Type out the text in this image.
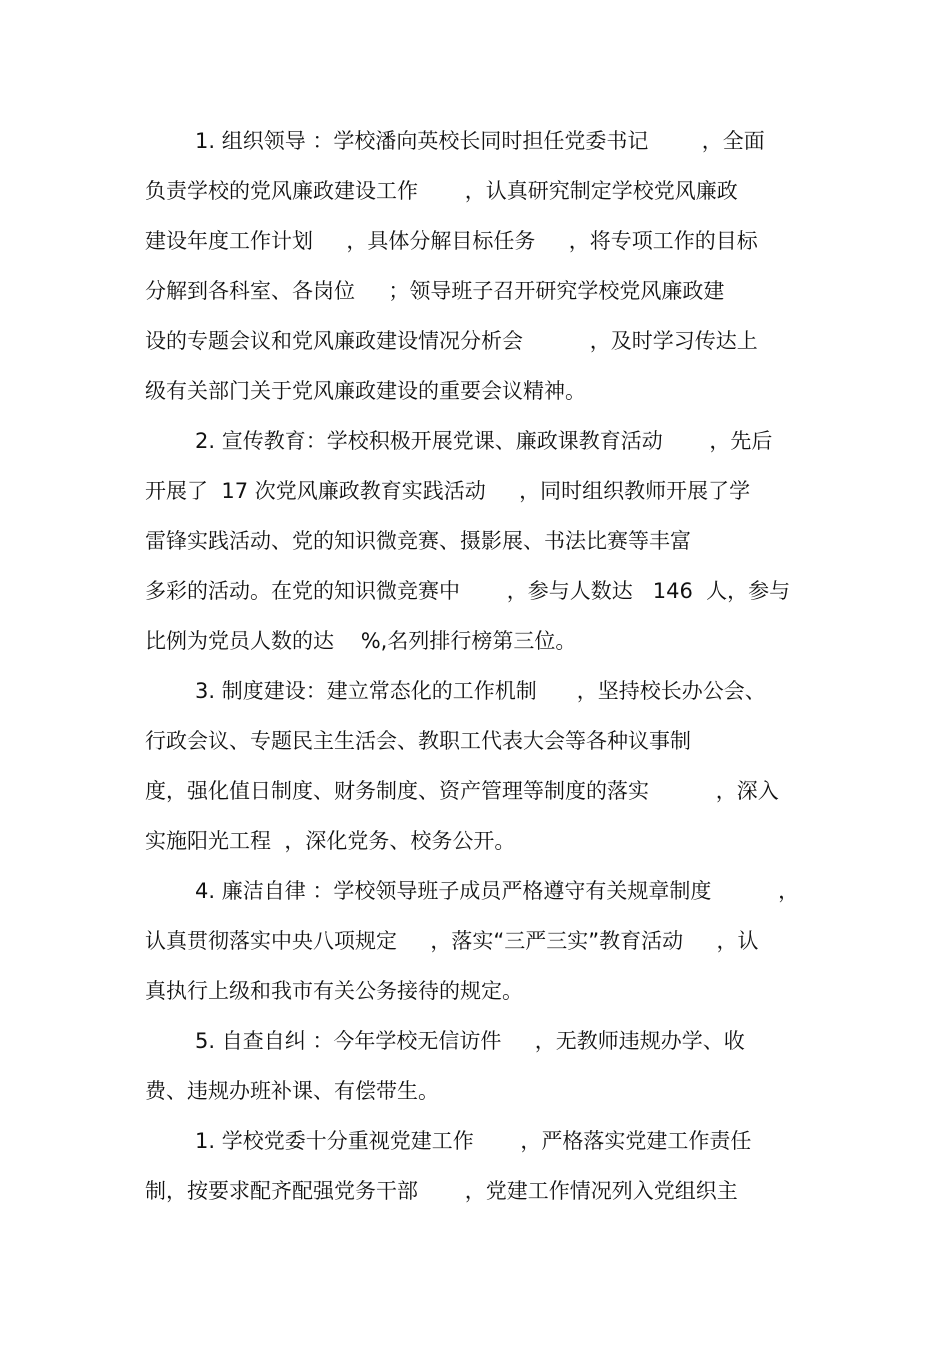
1. 组织领导 ：学校潘向英校长同时担任党委书记        ，全面
负责学校的党风廉政建设工作       ，认真研究制定学校党风廉政
建设年度工作计划     ，具体分解目标任务     ，将专项工作的目标
分解到各科室、各岗位     ；领导班子召开研究学校党风廉政建
设的专题会议和党风廉政建设情况分析会          ，及时学习传达上
级有关部门关于党风廉政建设的重要会议精神。
2. 宣传教育：学校积极开展党课、廉政课教育活动       ，先后
开展了  17 次党风廉政教育实践活动     ，同时组织教师开展了学
雷锋实践活动、党的知识微竞赛、摄影展、书法比赛等丰富
多彩的活动。在党的知识微竞赛中       ，参与人数达   146  人，参与
比例为党员人数的达    %,名列排行榜第三位。
3. 制度建设：建立常态化的工作机制      ，坚持校长办公会、
行政会议、专题民主生活会、教职工代表大会等各种议事制
度，强化值日制度、财务制度、资产管理等制度的落实          ，深入
实施阳光工程  ，深化党务、校务公开。
4. 廉洁自律 ：学校领导班子成员严格遵守有关规章制度          ，
认真贯彻落实中央八项规定     ，落实“三严三实”教育活动     ，认
真执行上级和我市有关公务接待的规定。
5. 自查自纠 ：今年学校无信访件     ，无教师违规办学、收
费、违规办班补课、有偿带生。
1. 学校党委十分重视党建工作       ，严格落实党建工作责任
制，按要求配齐配强党务干部       ，党建工作情况列入党组织主
